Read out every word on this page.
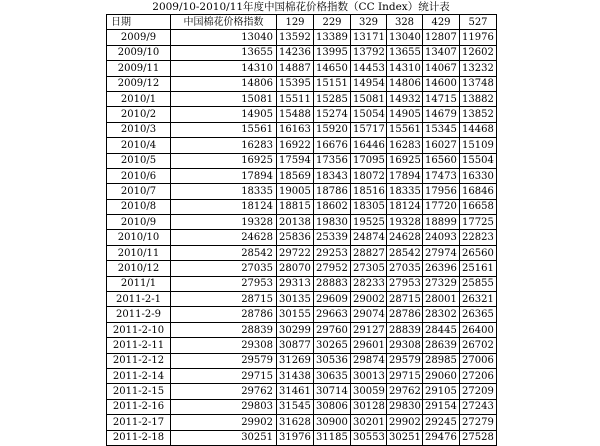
2009/10-2010/11年度中国棉花价格指数（CC Index）统计表
日期	中国棉花价格指数	129	229	329	328	429	527
2009/9	13040	13592	13389	13171	13040	12807	11976
2009/10	13655	14236	13995	13792	13655	13407	12602
2009/11	14310	14887	14650	14453	14310	14067	13232
2009/12	14806	15395	15151	14954	14806	14600	13748
2010/1	15081	15511	15285	15081	14932	14715	13882
2010/2	14905	15488	15274	15054	14905	14679	13852
2010/3	15561	16163	15920	15717	15561	15345	14468
2010/4	16283	16922	16676	16446	16283	16027	15109
2010/5	16925	17594	17356	17095	16925	16560	15504
2010/6	17894	18569	18343	18072	17894	17473	16330
2010/7	18335	19005	18786	18516	18335	17956	16846
2010/8	18124	18815	18602	18305	18124	17720	16658
2010/9	19328	20138	19830	19525	19328	18899	17725
2010/10	24628	25836	25339	24874	24628	24093	22823
2010/11	28542	29722	29253	28827	28542	27974	26560
2010/12	27035	28070	27952	27305	27035	26396	25161
2011/1	27953	29313	28883	28233	27953	27329	25855
2011-2-1	28715	30135	29609	29002	28715	28001	26321
2011-2-9	28786	30155	29663	29074	28786	28302	26365
2011-2-10	28839	30299	29760	29127	28839	28445	26400
2011-2-11	29308	30877	30265	29601	29308	28639	26702
2011-2-12	29579	31269	30536	29874	29579	28985	27006
2011-2-14	29715	31438	30635	30013	29715	29060	27206
2011-2-15	29762	31461	30714	30059	29762	29105	27209
2011-2-16	29803	31545	30806	30128	29830	29154	27243
2011-2-17	29902	31628	30900	30201	29902	29245	27279
2011-2-18	30251	31976	31185	30553	30251	29476	27528
